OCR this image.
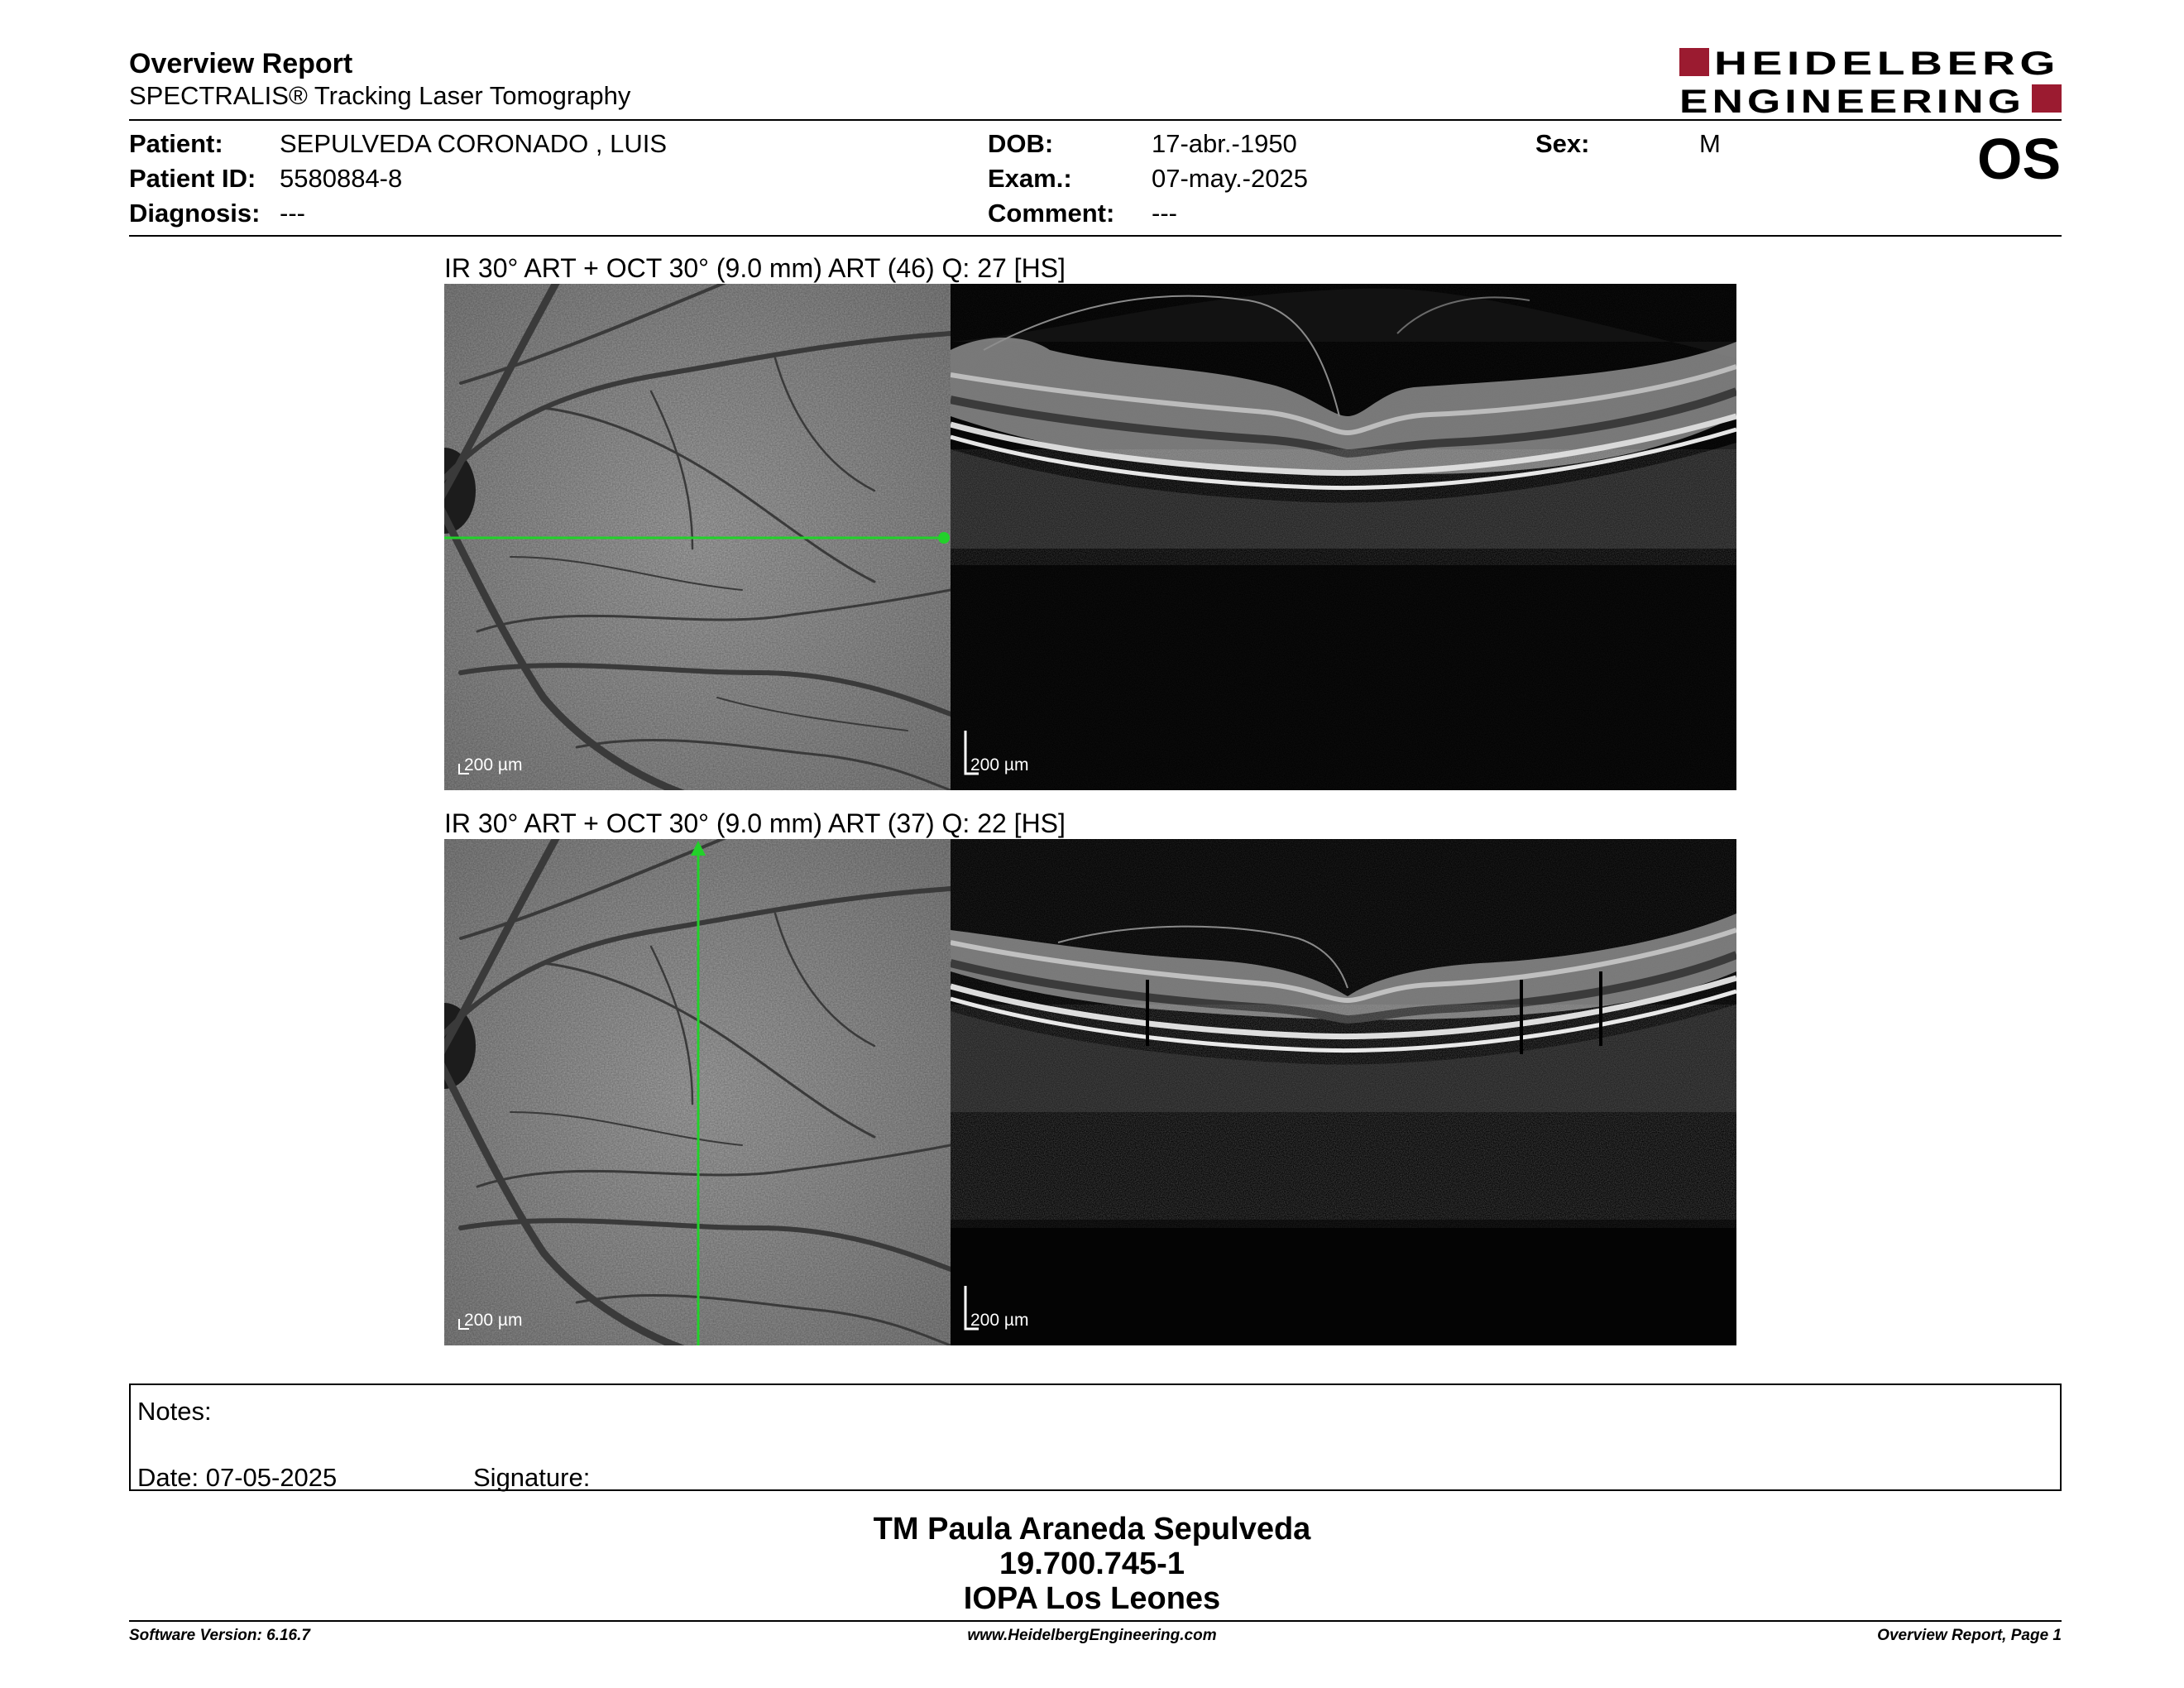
Overview Report
SPECTRALIS® Tracking Laser Tomography
HEIDELBERG
ENGINEERING
Patient: SEPULVEDA CORONADO , LUIS
Patient ID: 5580884-8
Diagnosis: ---
DOB:	17-abr.-1950
Exam.:	07-may.-2025
Comment: ---
Sex:	M	OS
IR 30° ART + OCT 30° (9.0 mm) ART (46) Q: 27 [HS]
200 µm	200 µm
IR 30° ART + OCT 30° (9.0 mm) ART (37) Q: 22 [HS]
200 µm	200 µm
Notes:
Date: 07-05-2025	Signature:
TM Paula Araneda Sepulveda
19.700.745-1
IOPA Los Leones
Software Version: 6.16.7	www.HeidelbergEngineering.com	Overview Report, Page 1
